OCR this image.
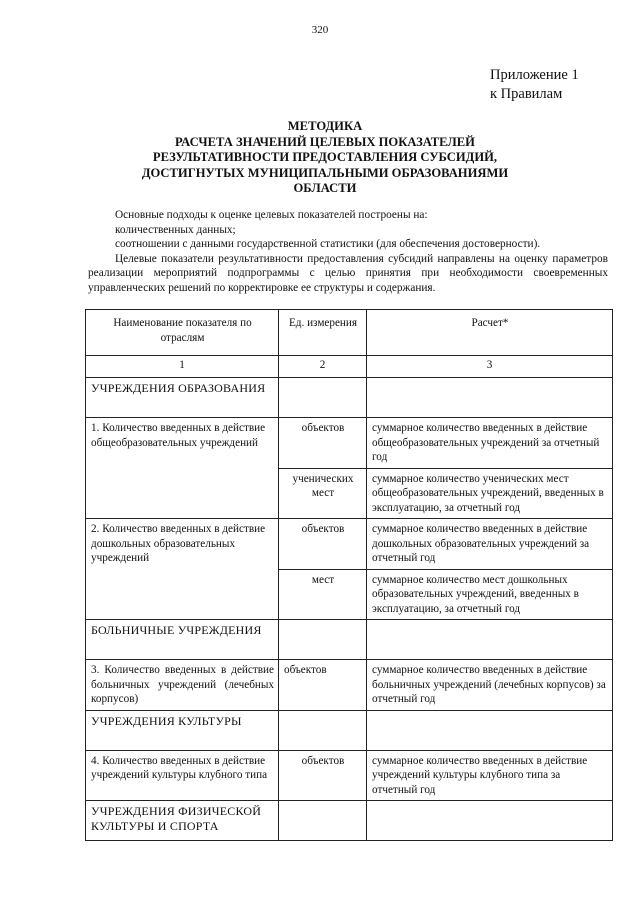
320
Приложение 1
к Правилам
МЕТОДИКА
РАСЧЕТА ЗНАЧЕНИЙ ЦЕЛЕВЫХ ПОКАЗАТЕЛЕЙ
РЕЗУЛЬТАТИВНОСТИ ПРЕДОСТАВЛЕНИЯ СУБСИДИЙ,
ДОСТИГНУТЫХ МУНИЦИПАЛЬНЫМИ ОБРАЗОВАНИЯМИ
ОБЛАСТИ
Основные подходы к оценке целевых показателей построены на:
количественных данных;
соотношении с данными государственной статистики (для обеспечения достоверности).
Целевые показатели результативности предоставления субсидий направлены на оценку параметров реализации мероприятий подпрограммы с целью принятия при необходимости своевременных управленческих решений по корректировке ее структуры и содержания.
Наименование показателя по отраслям	Ед. измерения	Расчет*
1	2	3
УЧРЕЖДЕНИЯ ОБРАЗОВАНИЯ		
1. Количество введенных в действие общеобразовательных учреждений	объектов	суммарное количество введенных в действие общеобразовательных учреждений за отчетный год
	ученических мест	суммарное количество ученических мест общеобразовательных учреждений, введенных в эксплуатацию, за отчетный год
2. Количество введенных в действие дошкольных образовательных учреждений	объектов	суммарное количество введенных в действие дошкольных образовательных учреждений за отчетный год
	мест	суммарное количество мест дошкольных образовательных учреждений, введенных в эксплуатацию, за отчетный год
БОЛЬНИЧНЫЕ УЧРЕЖДЕНИЯ		
3. Количество введенных в действие больничных учреждений (лечебных корпусов)	объектов	суммарное количество введенных в действие больничных учреждений (лечебных корпусов) за отчетный год
УЧРЕЖДЕНИЯ КУЛЬТУРЫ		
4. Количество введенных в действие учреждений культуры клубного типа	объектов	суммарное количество введенных в действие учреждений культуры клубного типа за отчетный год
УЧРЕЖДЕНИЯ ФИЗИЧЕСКОЙ КУЛЬТУРЫ И СПОРТА		
